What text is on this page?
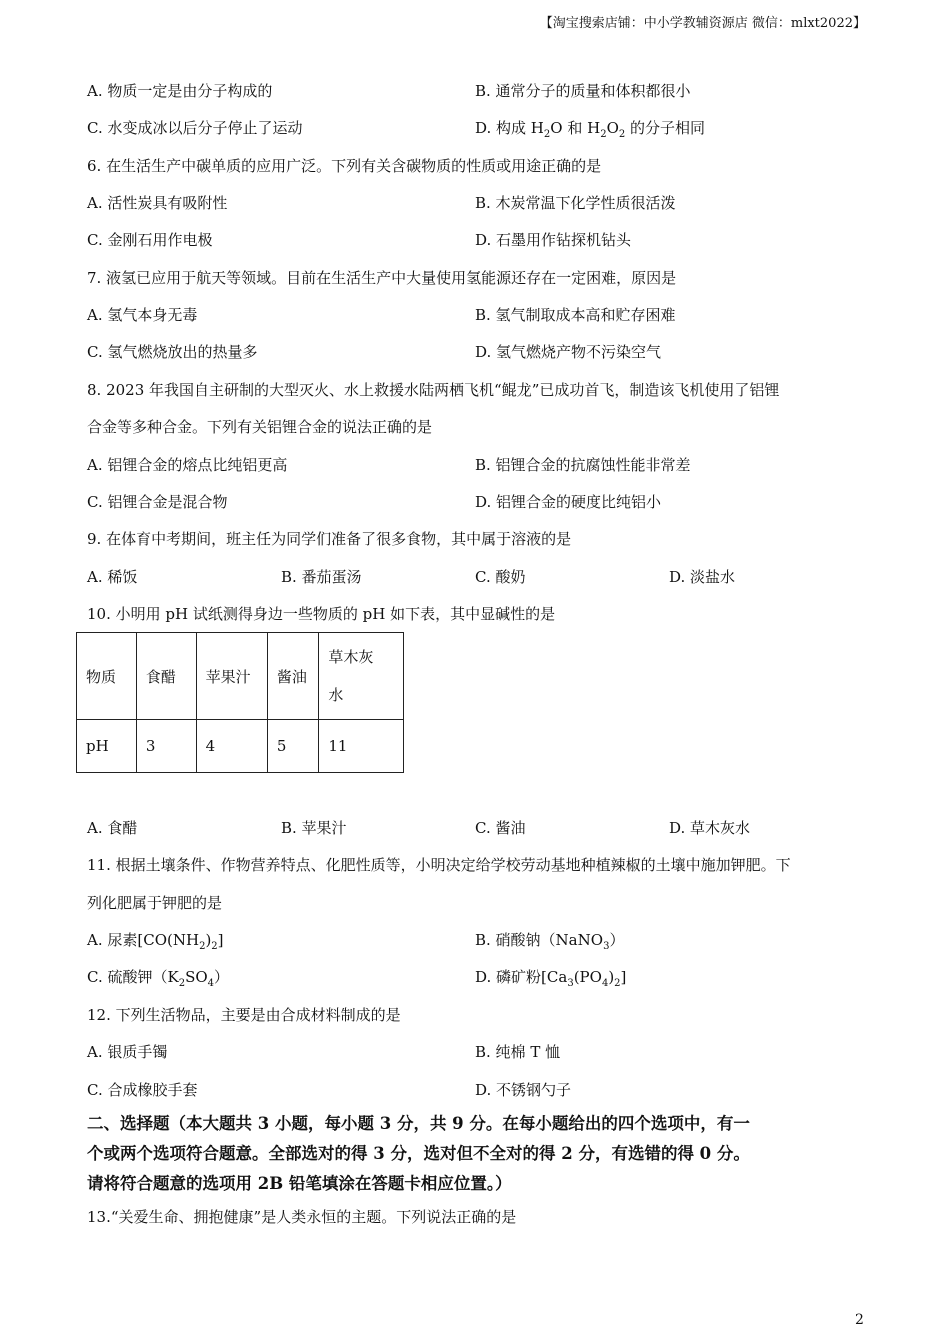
【淘宝搜索店铺：中小学教辅资源店 微信：mlxt2022】
A. 物质一定是由分子构成的	B. 通常分子的质量和体积都很小
C. 水变成冰以后分子停止了运动	D. 构成 $H_2O$ 和 $H_2O_2$ 的分子相同
6. 在生活生产中碳单质的应用广泛。下列有关含碳物质的性质或用途正确的是
A. 活性炭具有吸附性	B. 木炭常温下化学性质很活泼
C. 金刚石用作电极	D. 石墨用作钻探机钻头
7. 液氢已应用于航天等领域。目前在生活生产中大量使用氢能源还存在一定困难，原因是
A. 氢气本身无毒	B. 氢气制取成本高和贮存困难
C. 氢气燃烧放出的热量多	D. 氢气燃烧产物不污染空气
8. 2023 年我国自主研制的大型灭火、水上救援水陆两栖飞机“鲲龙”已成功首飞，制造该飞机使用了铝锂
合金等多种合金。下列有关铝锂合金的说法正确的是
A. 铝锂合金的熔点比纯铝更高	B. 铝锂合金的抗腐蚀性能非常差
C. 铝锂合金是混合物	D. 铝锂合金的硬度比纯铝小
9. 在体育中考期间，班主任为同学们准备了很多食物，其中属于溶液的是
A. 稀饭	B. 番茄蛋汤	C. 酸奶	D. 淡盐水
10. 小明用 pH 试纸测得身边一些物质的 pH 如下表，其中显碱性的是
物质	食醋	苹果汁	酱油	草木灰
水
pH	3	4	5	11
A. 食醋	B. 苹果汁	C. 酱油	D. 草木灰水
11. 根据土壤条件、作物营养特点、化肥性质等，小明决定给学校劳动基地种植辣椒的土壤中施加钾肥。下
列化肥属于钾肥的是
A. 尿素$[CO(NH_2)_2]$	B. 硝酸钠（NaNO$_3$）
C. 硫酸钾$(K_2SO_4)$	D. 磷矿粉$[Ca_3(PO_4)_2]$
12. 下列生活物品，主要是由合成材料制成的是
A. 银质手镯	B. 纯棉 T 恤
C. 合成橡胶手套	D. 不锈钢勺子
二、选择题（本大题共 3 小题，每小题 3 分，共 9 分。在每小题给出的四个选项中，有一
个或两个选项符合题意。全部选对的得 3 分，选对但不全对的得 2 分，有选错的得 0 分。
请将符合题意的选项用 2B 铅笔填涂在答题卡相应位置。）
13.“关爱生命、拥抱健康”是人类永恒的主题。下列说法正确的是
2
